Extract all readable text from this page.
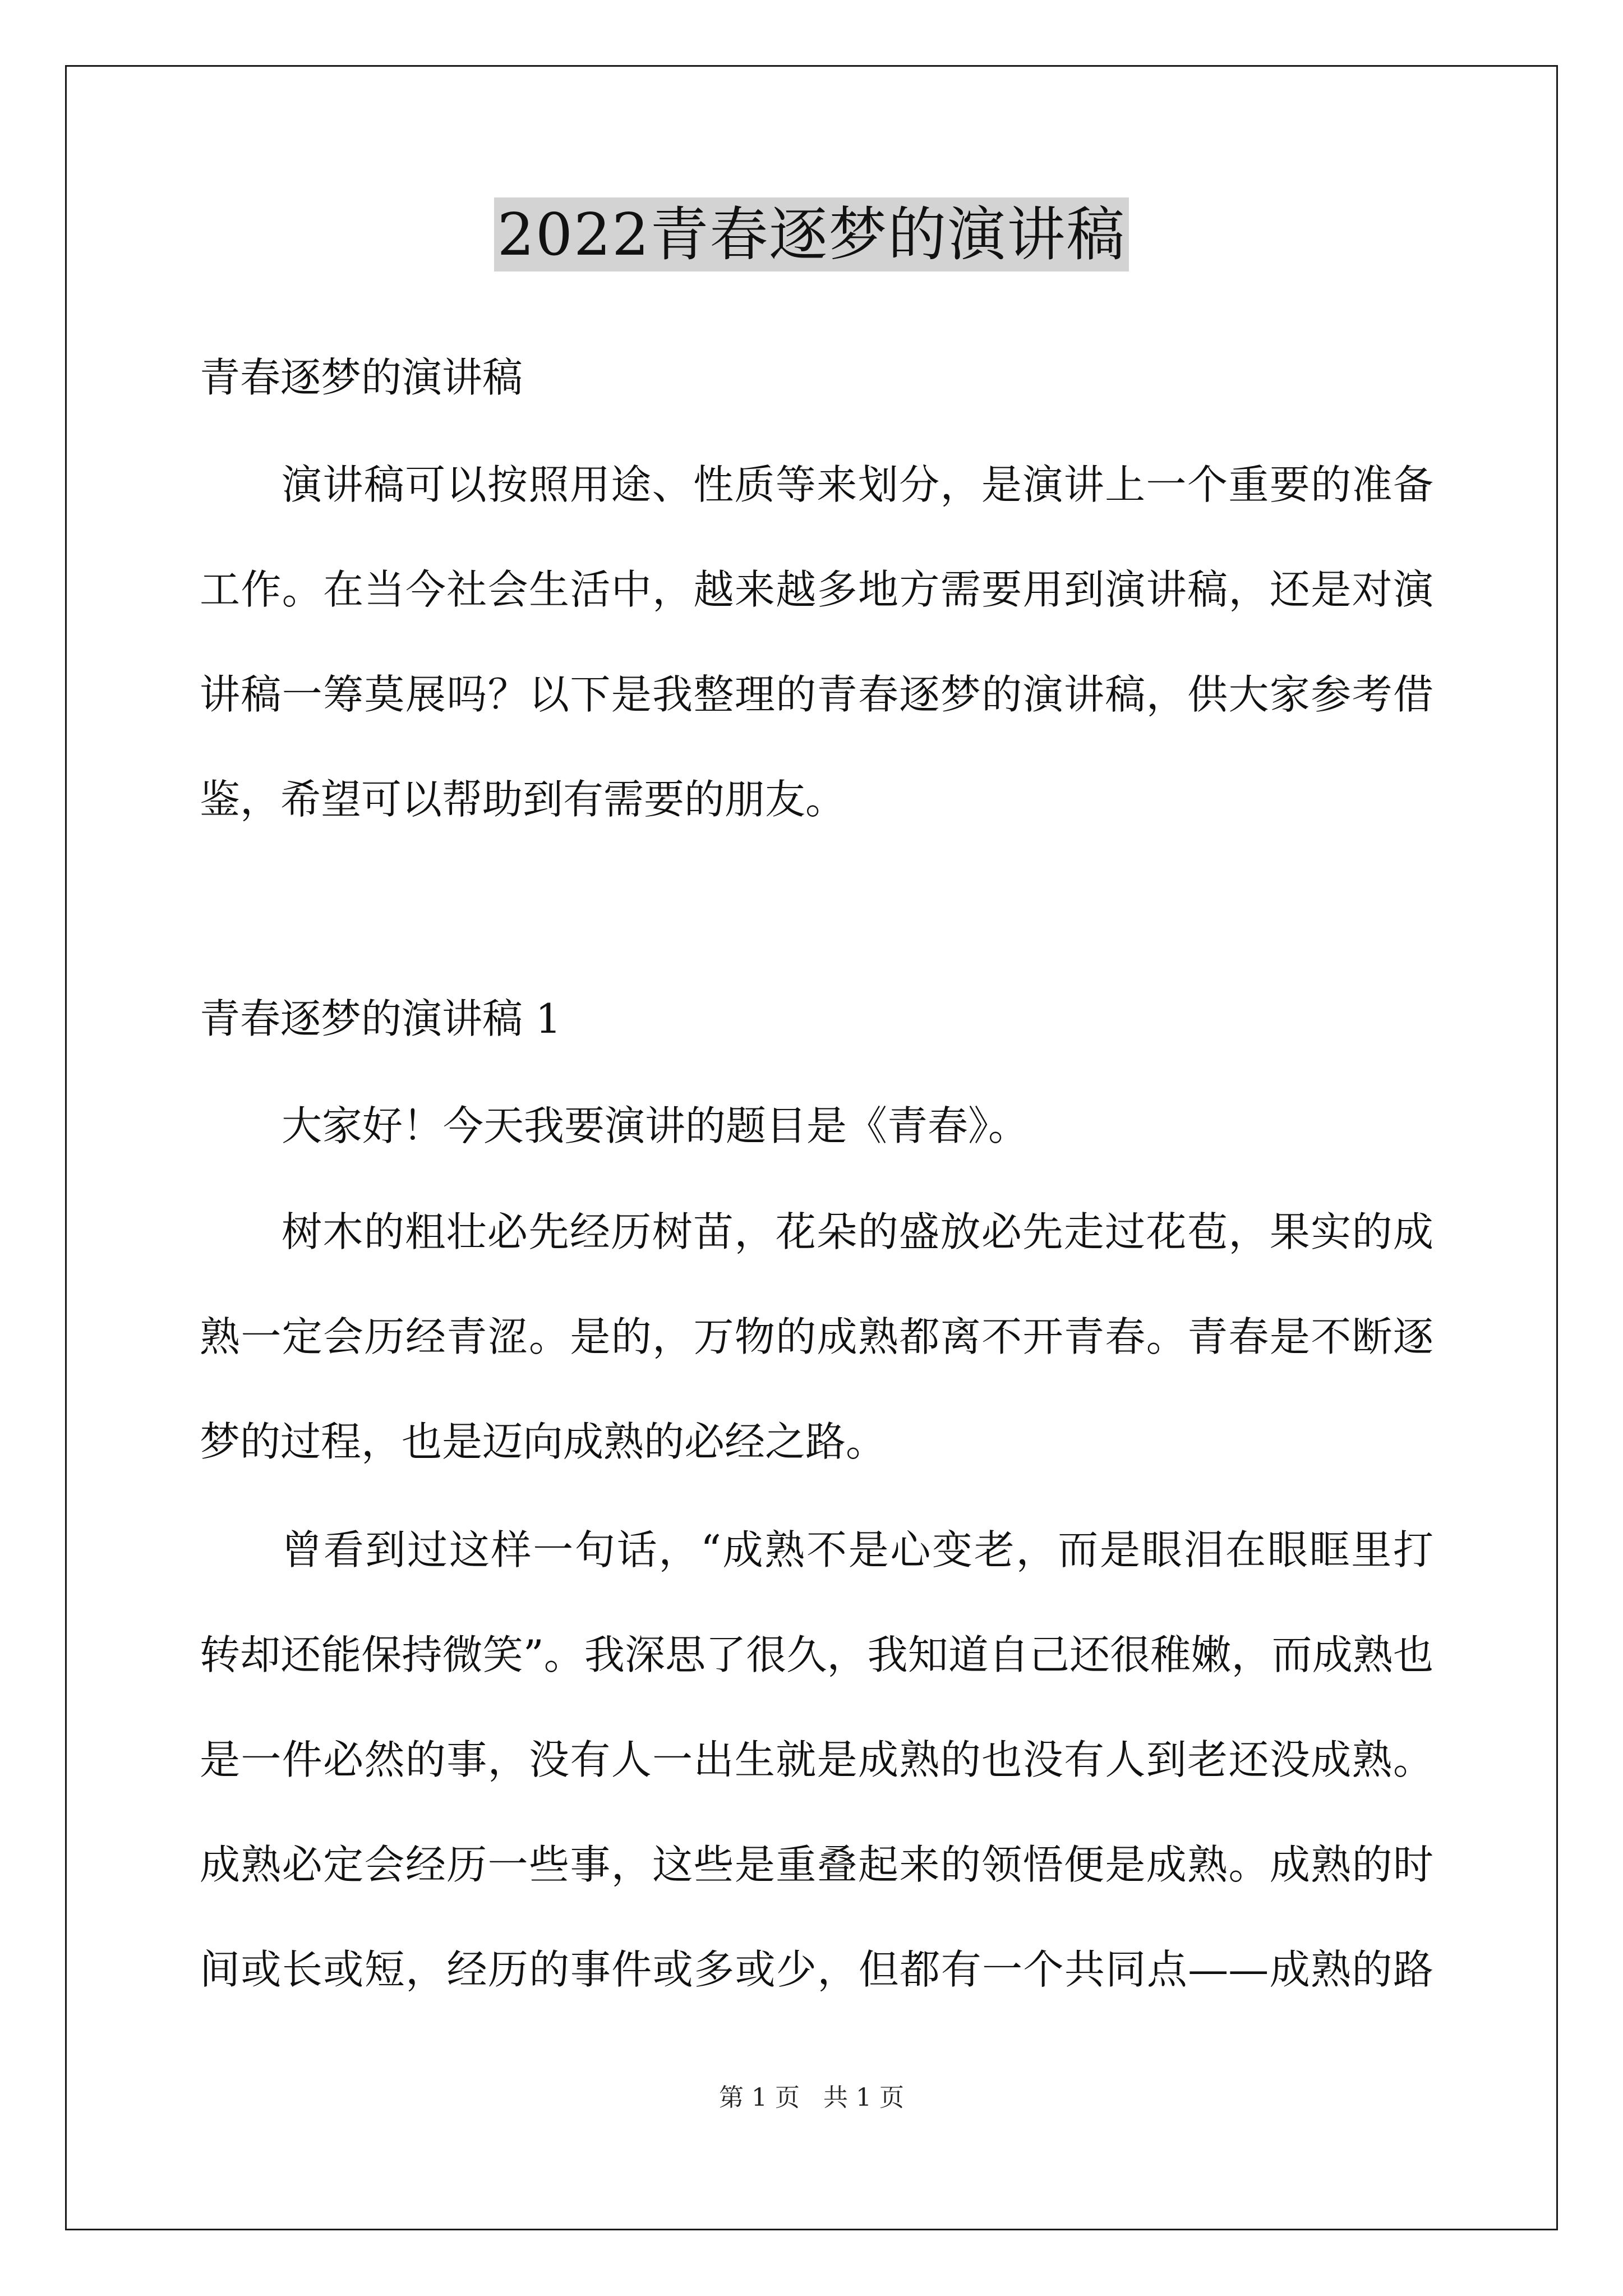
2022青春逐梦的演讲稿
青春逐梦的演讲稿
演讲稿可以按照用途、性质等来划分，是演讲上一个重要的准备
工作。在当今社会生活中，越来越多地方需要用到演讲稿，还是对演
讲稿一筹莫展吗？以下是我整理的青春逐梦的演讲稿，供大家参考借
鉴，希望可以帮助到有需要的朋友。
青春逐梦的演讲稿 1
大家好！今天我要演讲的题目是《青春》。
树木的粗壮必先经历树苗，花朵的盛放必先走过花苞，果实的成
熟一定会历经青涩。是的，万物的成熟都离不开青春。青春是不断逐
梦的过程，也是迈向成熟的必经之路。
曾看到过这样一句话，“成熟不是心变老，而是眼泪在眼眶里打
转却还能保持微笑”。我深思了很久，我知道自己还很稚嫩，而成熟也
是一件必然的事，没有人一出生就是成熟的也没有人到老还没成熟。
成熟必定会经历一些事，这些是重叠起来的领悟便是成熟。成熟的时
间或长或短，经历的事件或多或少，但都有一个共同点——成熟的路
第 1 页 共 1 页
